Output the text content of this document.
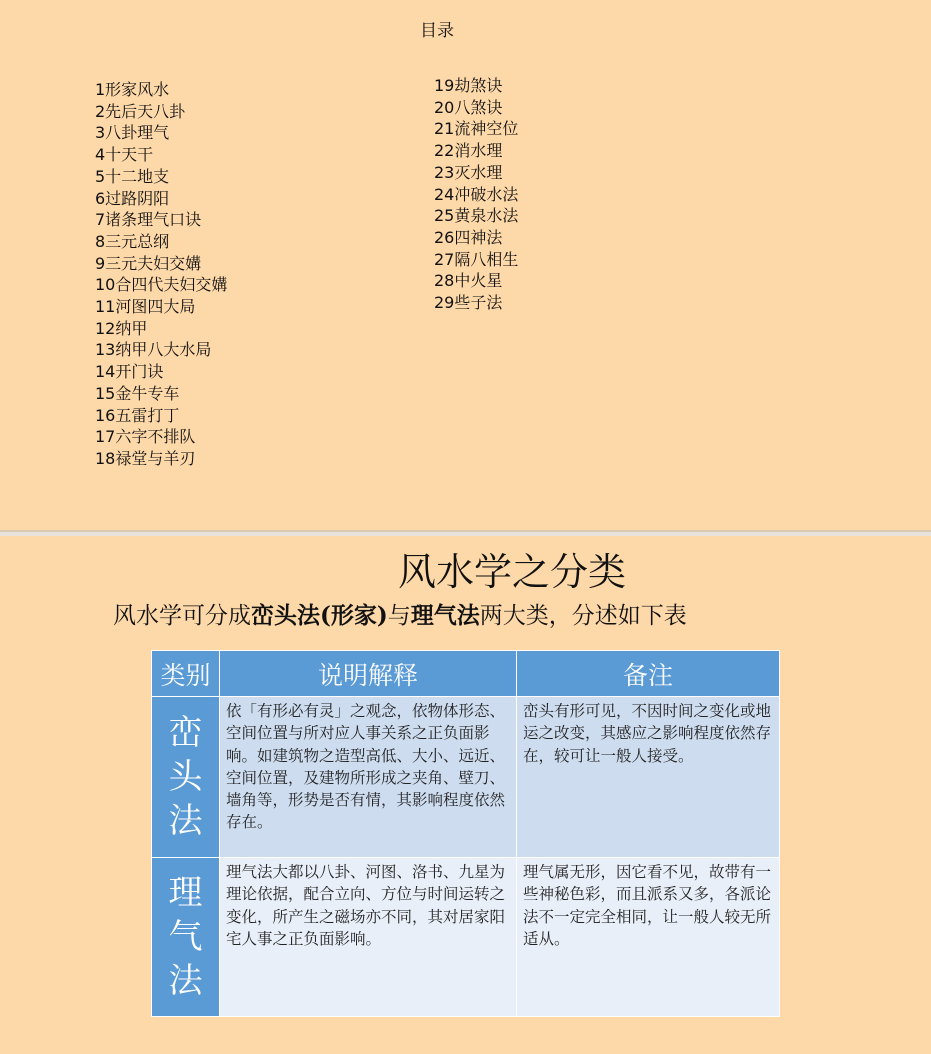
目录
1形家风水
2先后天八卦
3八卦理气
4十天干
5十二地支
6过路阴阳
7诸条理气口诀
8三元总纲
9三元夫妇交媾
10合四代夫妇交媾
11河图四大局
12纳甲
13纳甲八大水局
14开门诀
15金牛专车
16五雷打丁
17六字不排队
18禄堂与羊刃
19劫煞诀
20八煞诀
21流神空位
22消水理
23灭水理
24冲破水法
25黄泉水法
26四神法
27隔八相生
28中火星
29些子法
风水学之分类
风水学可分成峦头法(形家)与理气法两大类，分述如下表
类别	说明解释	备注
峦头法	依「有形必有灵」之观念，依物体形态、空间位置与所对应人事关系之正负面影响。如建筑物之造型高低、大小、远近、空间位置，及建物所形成之夹角、壁刀、墙角等，形势是否有情，其影响程度依然存在。	峦头有形可见，不因时间之变化或地运之改变，其感应之影响程度依然存在，较可让一般人接受。
理气法	理气法大都以八卦、河图、洛书、九星为理论依据，配合立向、方位与时间运转之变化，所产生之磁场亦不同，其对居家阳宅人事之正负面影响。	理气属无形，因它看不见，故带有一些神秘色彩，而且派系又多，各派论法不一定完全相同，让一般人较无所适从。
